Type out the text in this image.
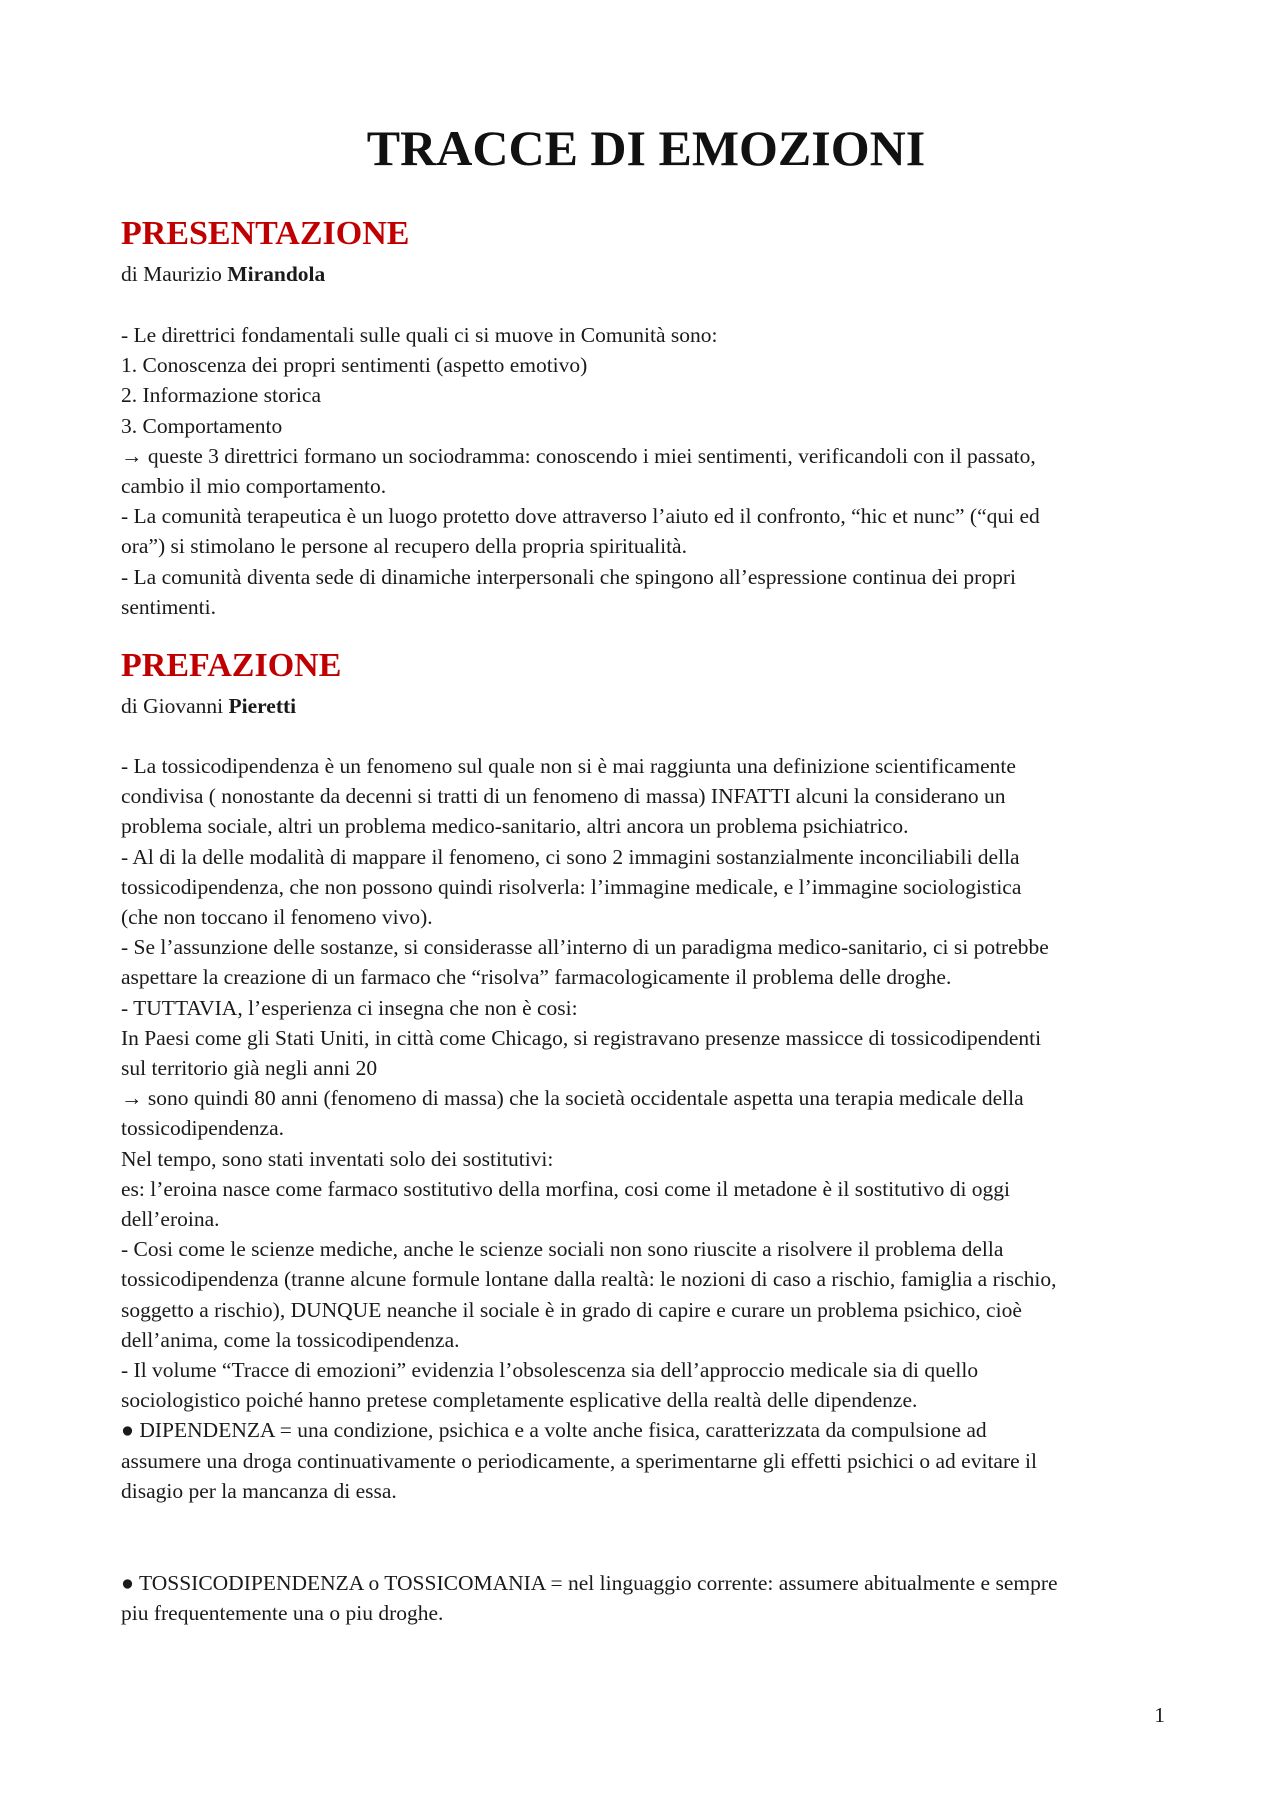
TRACCE DI EMOZIONI
PRESENTAZIONE

di Maurizio Mirandola

- Le direttrici fondamentali sulle quali ci si muove in Comunità sono:
1. Conoscenza dei propri sentimenti (aspetto emotivo)
2. Informazione storica
3. Comportamento
→ queste 3 direttrici formano un sociodramma: conoscendo i miei sentimenti, verificandoli con il passato,
cambio il mio comportamento.
- La comunità terapeutica è un luogo protetto dove attraverso l’aiuto ed il confronto, “hic et nunc” (“qui ed
ora”) si stimolano le persone al recupero della propria spiritualità.
- La comunità diventa sede di dinamiche interpersonali che spingono all’espressione continua dei propri
sentimenti.
PREFAZIONE

di Giovanni Pieretti

- La tossicodipendenza è un fenomeno sul quale non si è mai raggiunta una definizione scientificamente
condivisa ( nonostante da decenni si tratti di un fenomeno di massa) INFATTI alcuni la considerano un
problema sociale, altri un problema medico-sanitario, altri ancora un problema psichiatrico.
- Al di la delle modalità di mappare il fenomeno, ci sono 2 immagini sostanzialmente inconciliabili della
tossicodipendenza, che non possono quindi risolverla: l’immagine medicale, e l’immagine sociologistica
(che non toccano il fenomeno vivo).
- Se l’assunzione delle sostanze, si considerasse all’interno di un paradigma medico-sanitario, ci si potrebbe
aspettare la creazione di un farmaco che “risolva” farmacologicamente il problema delle droghe.
- TUTTAVIA, l’esperienza ci insegna che non è cosi:
In Paesi come gli Stati Uniti, in città come Chicago, si registravano presenze massicce di tossicodipendenti
sul territorio già negli anni 20
→ sono quindi 80 anni (fenomeno di massa) che la società occidentale aspetta una terapia medicale della
tossicodipendenza.
Nel tempo, sono stati inventati solo dei sostitutivi:
es: l’eroina nasce come farmaco sostitutivo della morfina, cosi come il metadone è il sostitutivo di oggi
dell’eroina.
- Cosi come le scienze mediche, anche le scienze sociali non sono riuscite a risolvere il problema della
tossicodipendenza (tranne alcune formule lontane dalla realtà: le nozioni di caso a rischio, famiglia a rischio,
soggetto a rischio), DUNQUE neanche il sociale è in grado di capire e curare un problema psichico, cioè
dell’anima, come la tossicodipendenza.
- Il volume “Tracce di emozioni” evidenzia l’obsolescenza sia dell’approccio medicale sia di quello
sociologistico poiché hanno pretese completamente esplicative della realtà delle dipendenze.
● DIPENDENZA = una condizione, psichica e a volte anche fisica, caratterizzata da compulsione ad
assumere una droga continuativamente o periodicamente, a sperimentarne gli effetti psichici o ad evitare il
disagio per la mancanza di essa.
● TOSSICODIPENDENZA o TOSSICOMANIA = nel linguaggio corrente: assumere abitualmente e sempre
piu frequentemente una o piu droghe.
1
